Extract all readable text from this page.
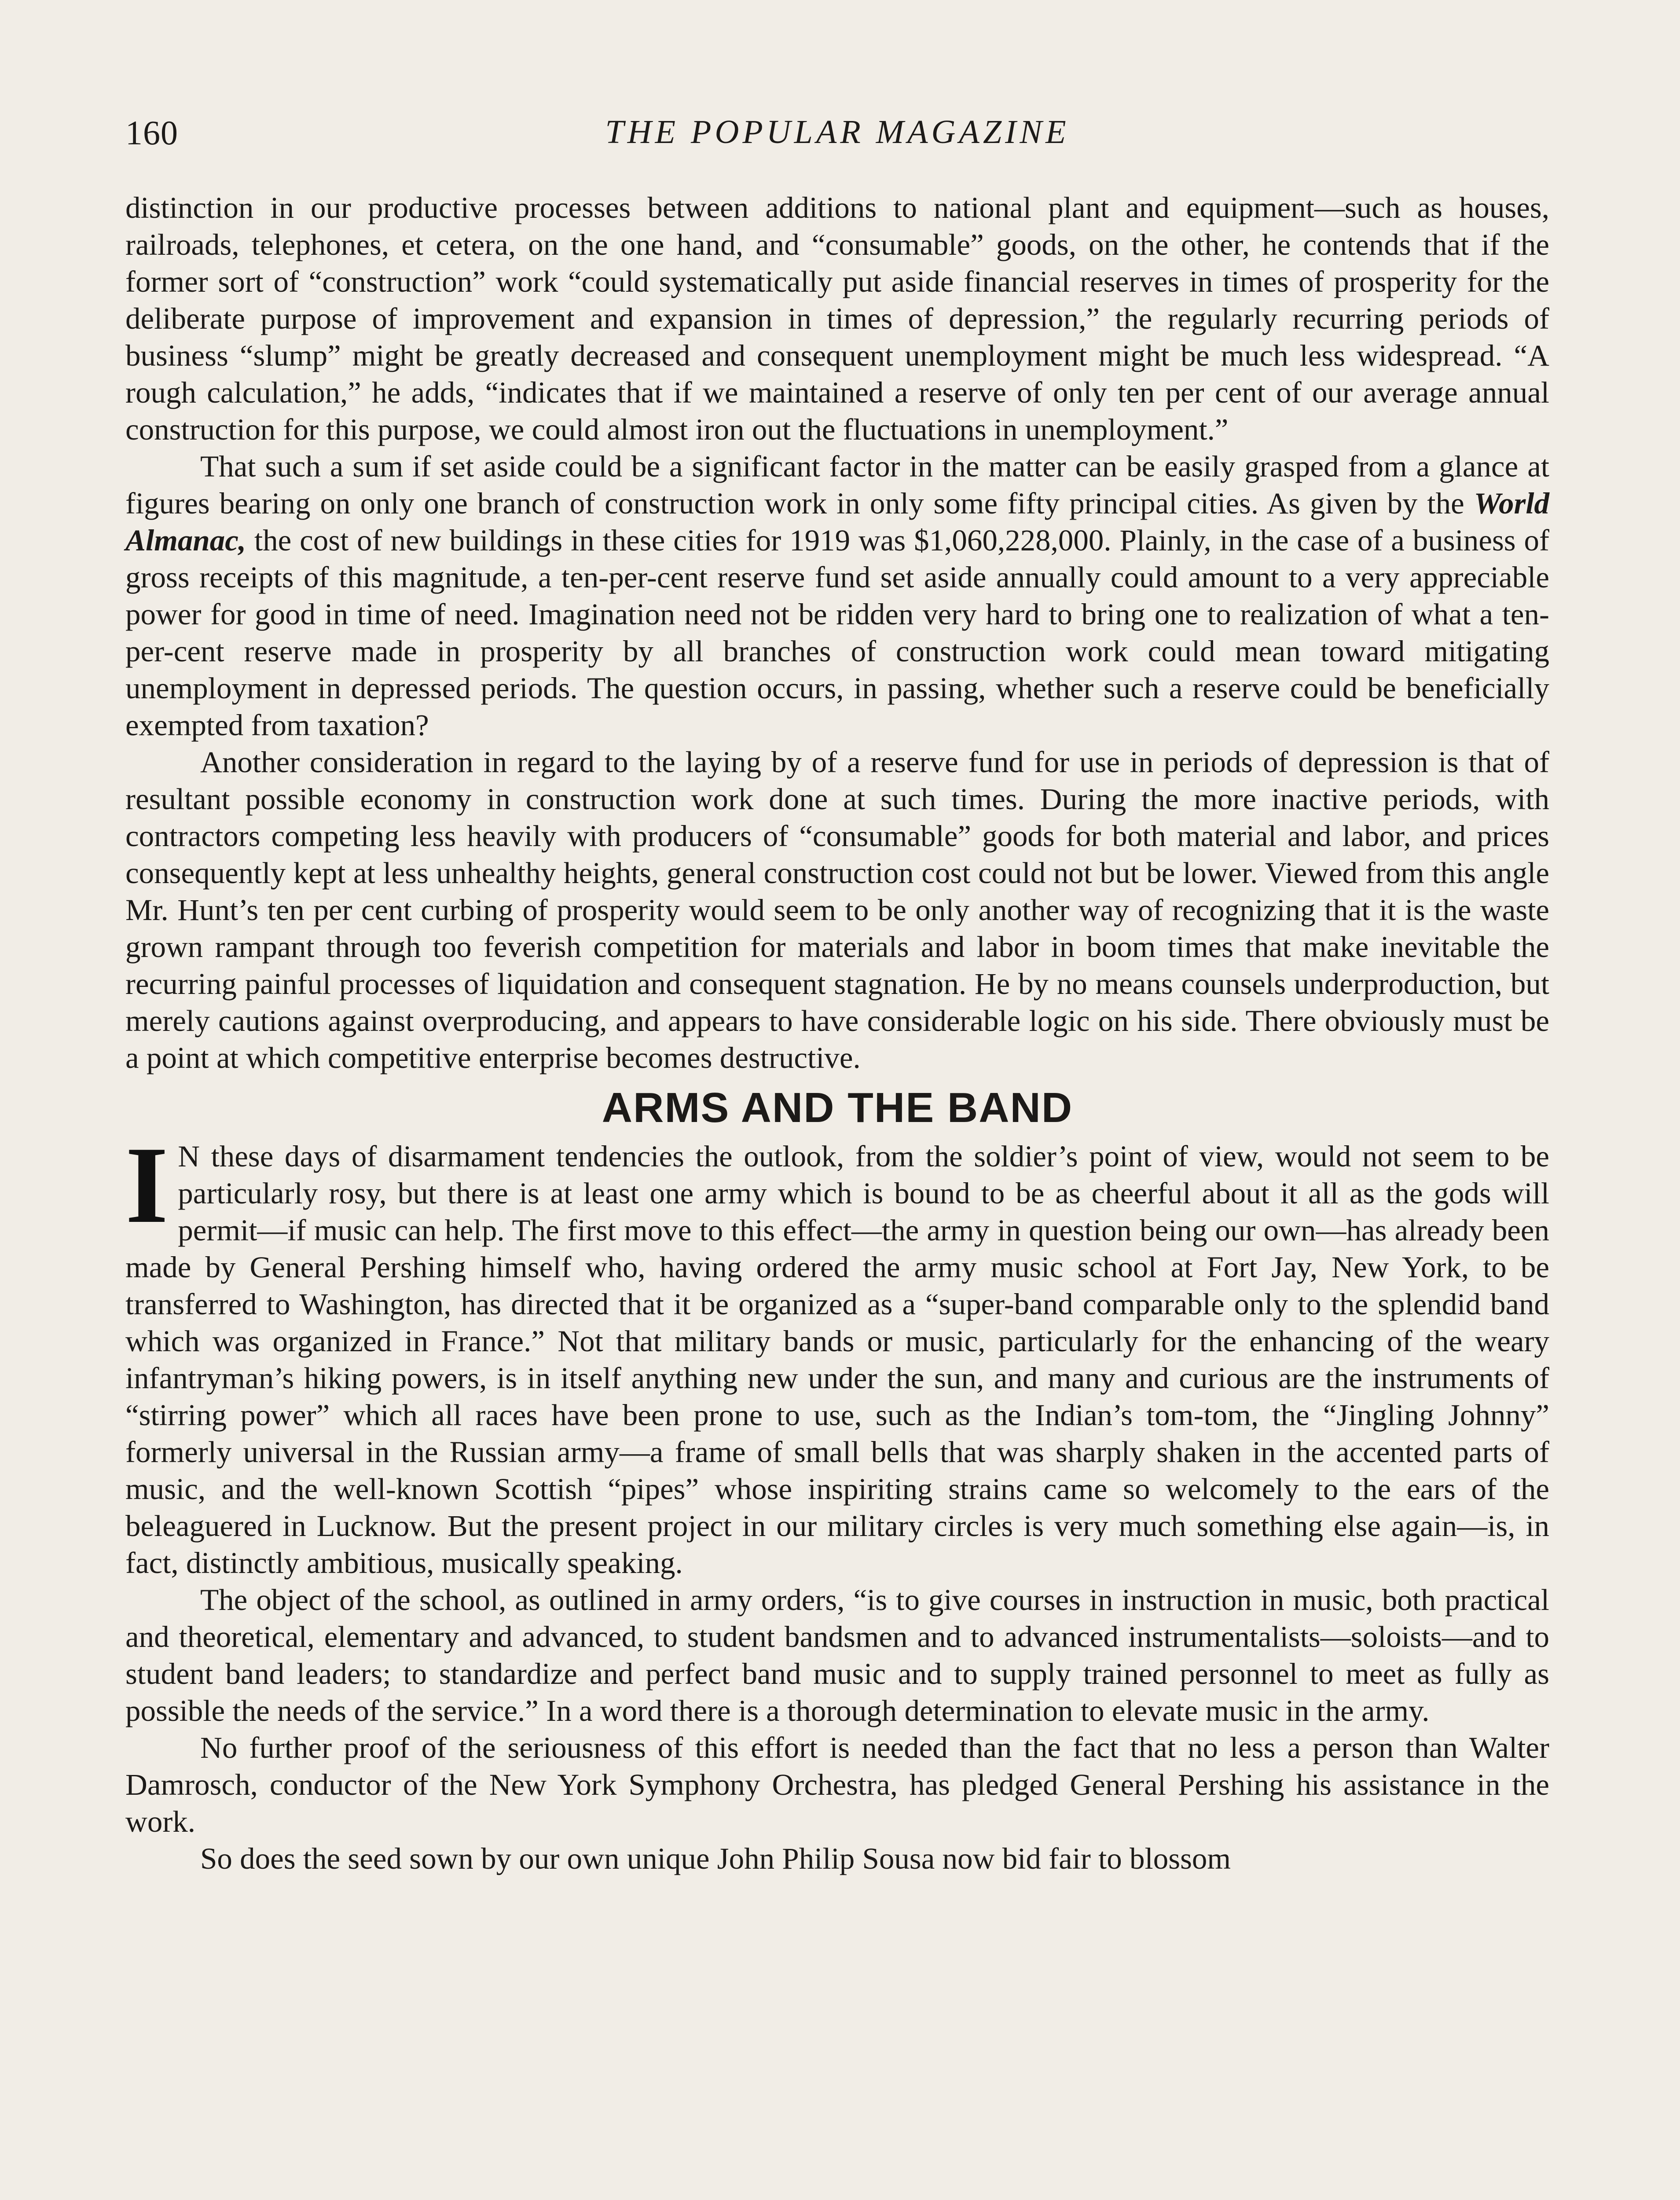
160	THE POPULAR MAGAZINE

distinction in our productive processes between additions to national plant and equipment—such as houses, railroads, telephones, et cetera, on the one hand, and “consumable” goods, on the other, he contends that if the former sort of “construction” work “could systematically put aside financial reserves in times of prosperity for the deliberate purpose of improvement and expansion in times of depression,” the regularly recurring periods of business “slump” might be greatly decreased and consequent unemployment might be much less widespread. “A rough calculation,” he adds, “indicates that if we maintained a reserve of only ten per cent of our average annual construction for this purpose, we could almost iron out the fluctuations in unemployment.”

That such a sum if set aside could be a significant factor in the matter can be easily grasped from a glance at figures bearing on only one branch of construction work in only some fifty principal cities. As given by the World Almanac, the cost of new buildings in these cities for 1919 was $1,060,228,000. Plainly, in the case of a business of gross receipts of this magnitude, a ten-per-cent reserve fund set aside annually could amount to a very appreciable power for good in time of need. Imagination need not be ridden very hard to bring one to realization of what a ten-per-cent reserve made in prosperity by all branches of construction work could mean toward mitigating unemployment in depressed periods. The question occurs, in passing, whether such a reserve could be beneficially exempted from taxation?

Another consideration in regard to the laying by of a reserve fund for use in periods of depression is that of resultant possible economy in construction work done at such times. During the more inactive periods, with contractors competing less heavily with producers of “consumable” goods for both material and labor, and prices consequently kept at less unhealthy heights, general construction cost could not but be lower. Viewed from this angle Mr. Hunt’s ten per cent curbing of prosperity would seem to be only another way of recognizing that it is the waste grown rampant through too feverish competition for materials and labor in boom times that make inevitable the recurring painful processes of liquidation and consequent stagnation. He by no means counsels underproduction, but merely cautions against overproducing, and appears to have considerable logic on his side. There obviously must be a point at which competitive enterprise becomes destructive.

ARMS AND THE BAND

I N these days of disarmament tendencies the outlook, from the soldier’s point of view, would not seem to be particularly rosy, but there is at least one army which is bound to be as cheerful about it all as the gods will permit—if music can help. The first move to this effect—the army in question being our own—has already been made by General Pershing himself who, having ordered the army music school at Fort Jay, New York, to be transferred to Washington, has directed that it be organized as a “super-band comparable only to the splendid band which was organized in France.” Not that military bands or music, particularly for the enhancing of the weary infantryman’s hiking powers, is in itself anything new under the sun, and many and curious are the instruments of “stirring power” which all races have been prone to use, such as the Indian’s tom-tom, the “Jingling Johnny” formerly universal in the Russian army—a frame of small bells that was sharply shaken in the accented parts of music, and the well-known Scottish “pipes” whose inspiriting strains came so welcomely to the ears of the beleaguered in Lucknow. But the present project in our military circles is very much something else again—is, in fact, distinctly ambitious, musically speaking.

The object of the school, as outlined in army orders, “is to give courses in instruction in music, both practical and theoretical, elementary and advanced, to student bandsmen and to advanced instrumentalists—soloists—and to student band leaders; to standardize and perfect band music and to supply trained personnel to meet as fully as possible the needs of the service.” In a word there is a thorough determination to elevate music in the army.

No further proof of the seriousness of this effort is needed than the fact that no less a person than Walter Damrosch, conductor of the New York Symphony Orchestra, has pledged General Pershing his assistance in the work.

So does the seed sown by our own unique John Philip Sousa now bid fair to blossom
